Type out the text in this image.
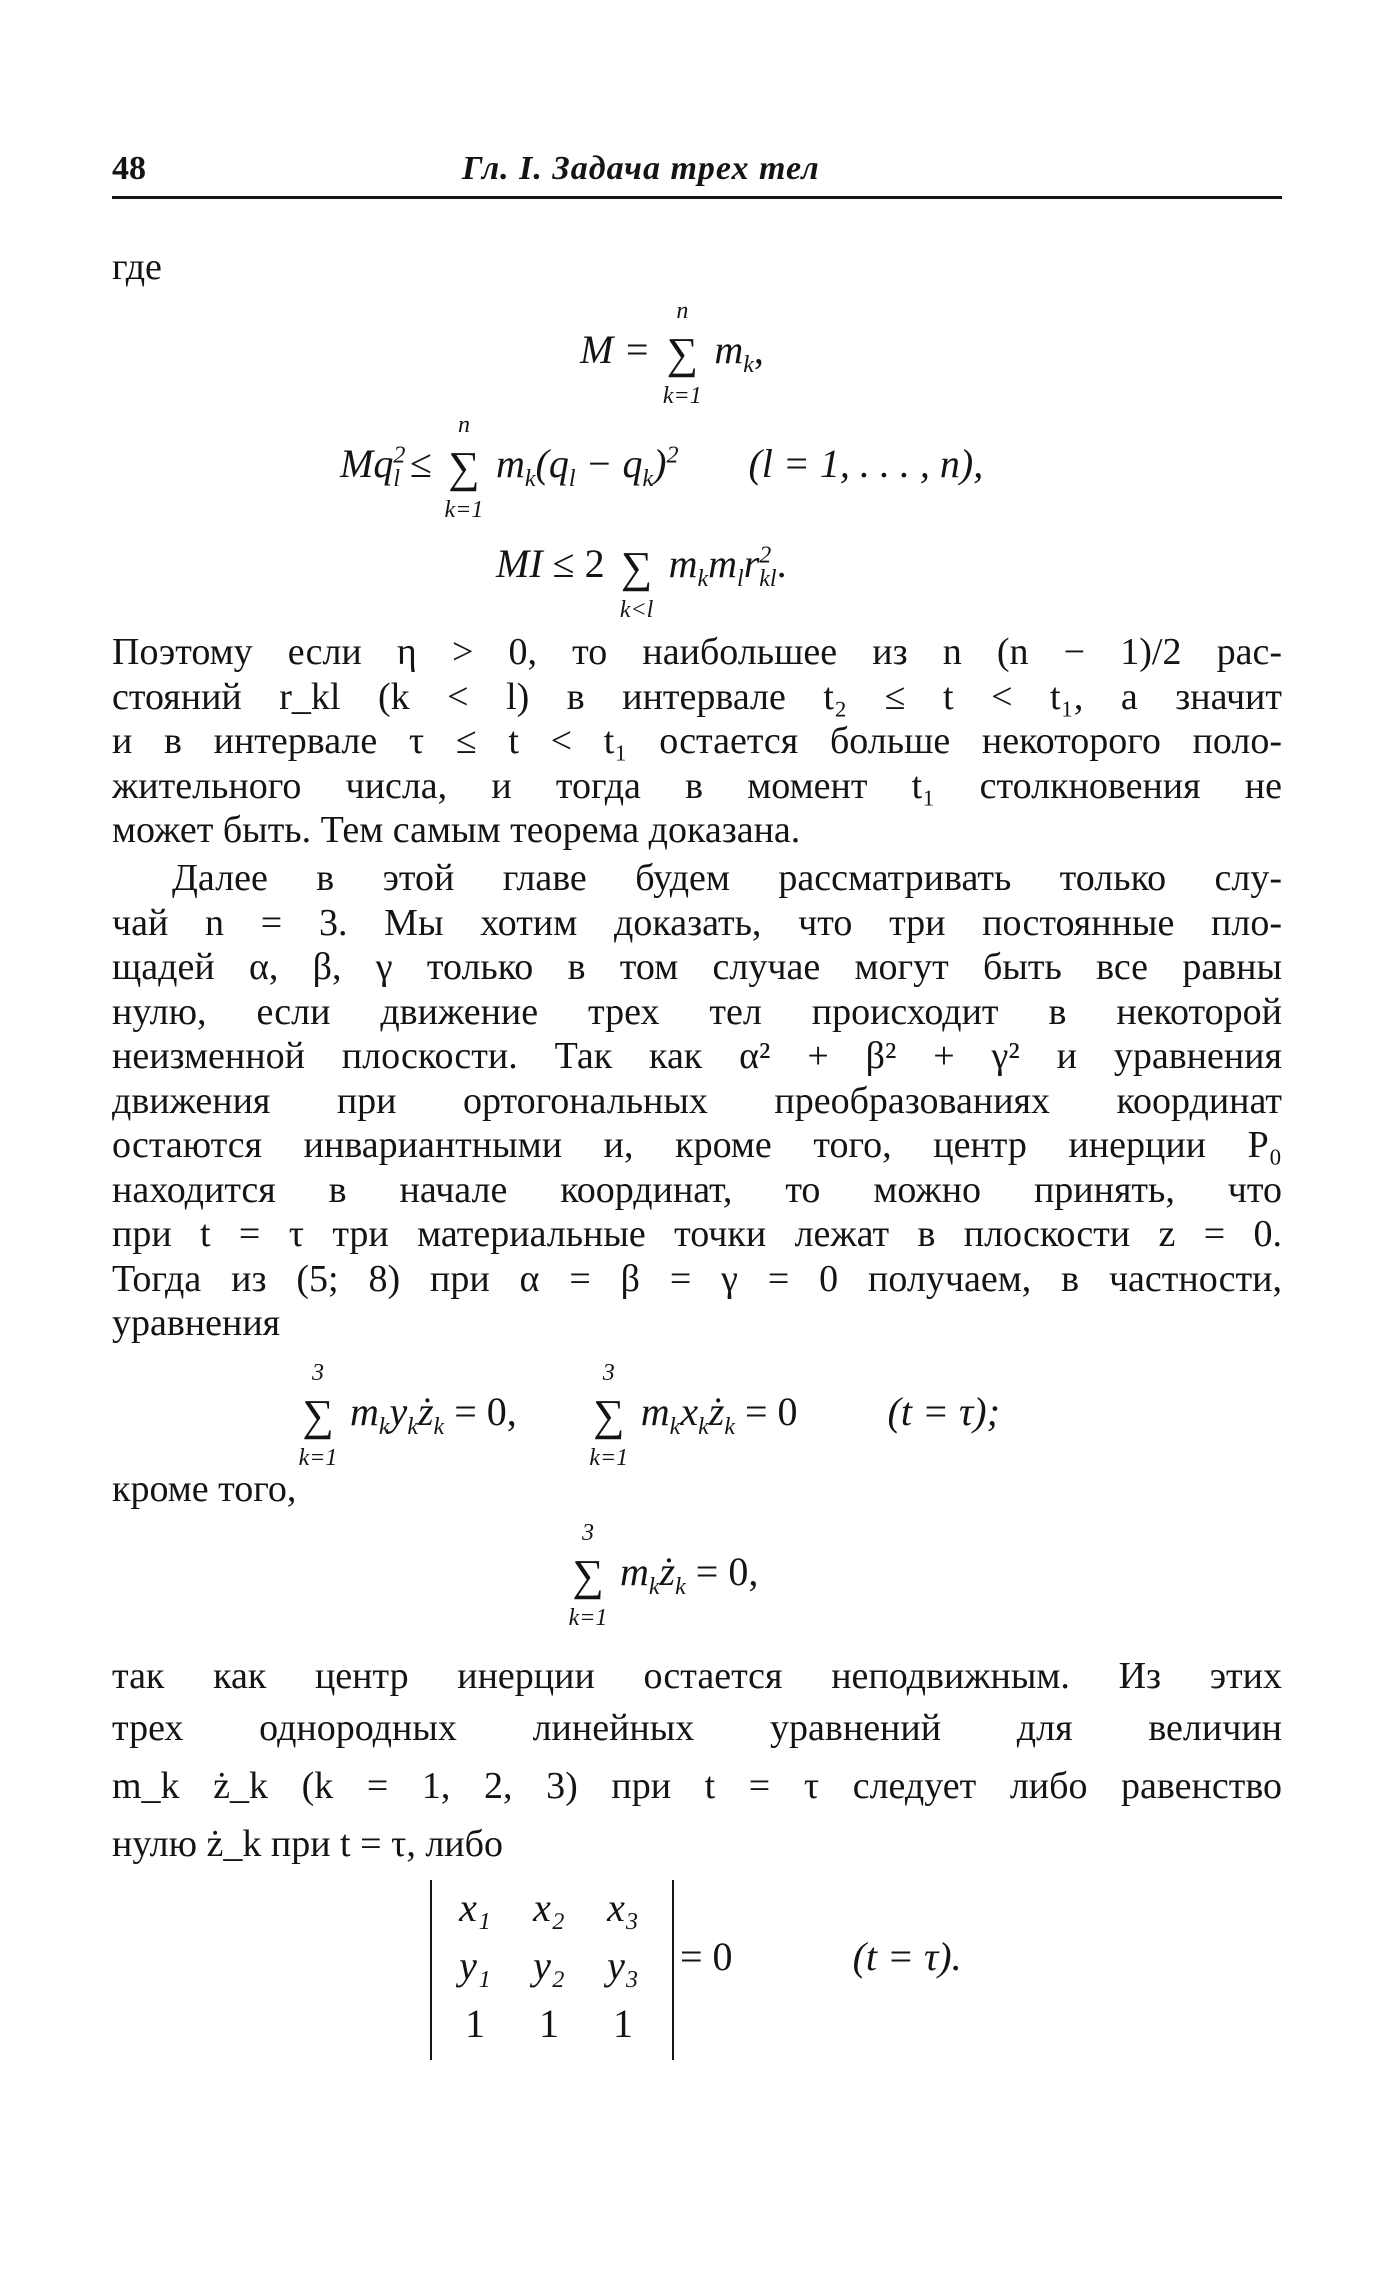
48	Гл. I. Задача трех тел
где
M =
n
∑
k=1
$m_k$,
$Mq^2_l$ ≤
n
∑
k=1
$m_k(q_l - q_k)^2$ (l = 1, . . . , n),
MI ≤ 2 ∑
k<l
$m_km_lr^2_{kl}$.
Поэтому если η > 0, то наибольшее из n (n − 1)/2 рас-
стояний r_kl (k < l) в интервале t₂ ≤ t < t₁, а значит
и в интервале τ ≤ t < t₁ остается больше некоторого поло-
жительного числа, и тогда в момент t₁ столкновения не
может быть. Тем самым теорема доказана.
Далее в этой главе будем рассматривать только слу-
чай n = 3. Мы хотим доказать, что три постоянные пло-
щадей α, β, γ только в том случае могут быть все равны
нулю, если движение трех тел происходит в некоторой
неизменной плоскости. Так как α² + β² + γ² и уравнения
движения при ортогональных преобразованиях координат
остаются инвариантными и, кроме того, центр инерции P₀
находится в начале координат, то можно принять, что
при t = τ три материальные точки лежат в плоскости z = 0.
Тогда из (5; 8) при α = β = γ = 0 получаем, в частности,
уравнения
3
∑
k=1
$m_ky_kż_k = 0$,
3
∑
k=1
$m_kx_kż_k = 0$ (t = τ);
кроме того,
3
∑
k=1
$m_kż_k = 0$,
так как центр инерции остается неподвижным. Из этих
трех однородных линейных уравнений для величин
m_k ż_k (k = 1, 2, 3) при t = τ следует либо равенство
нулю ż_k при t = τ, либо
x₁	x₂	x₃
y₁	y₂	y₃
1	1	1
= 0	(t = τ).
